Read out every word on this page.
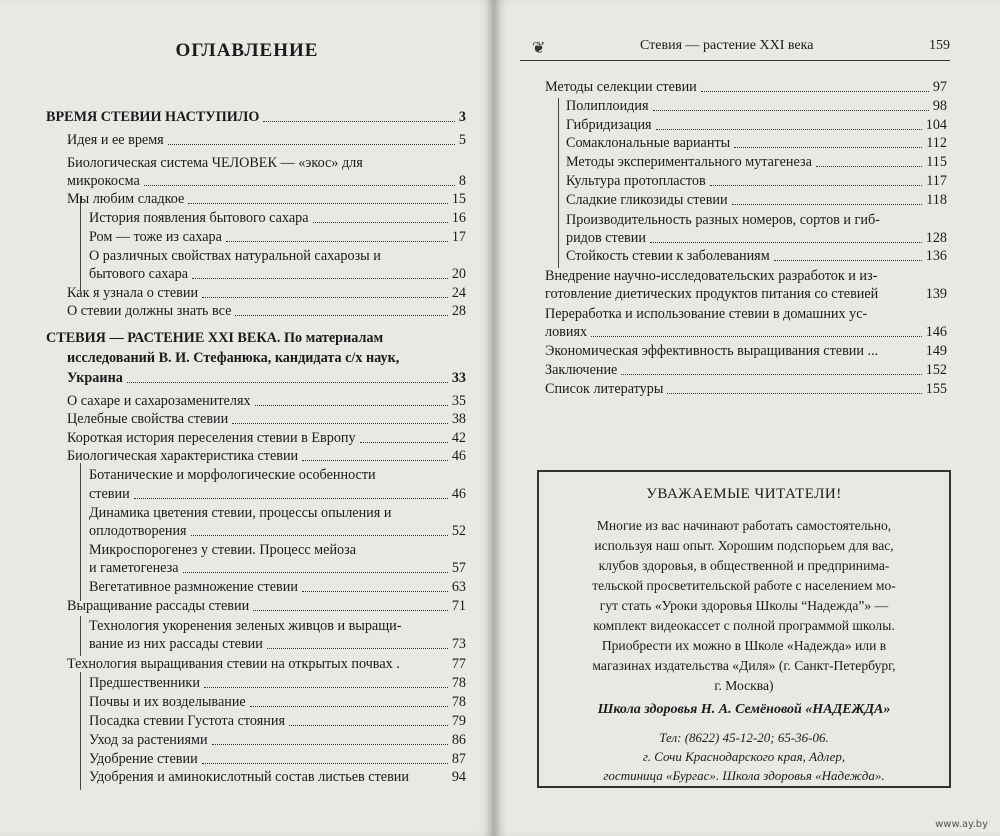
ОГЛАВЛЕНИЕ
ВРЕМЯ СТЕВИИ НАСТУПИЛО	3
Идея и ее время	5
Биологическая система ЧЕЛОВЕК — «экос» для
микрокосма	8
Мы любим сладкое	15
История появления бытового сахара	16
Ром — тоже из сахара	17
О различных свойствах натуральной сахарозы и
бытового сахара	20
Как я узнала о стевии	24
О стевии должны знать все	28
СТЕВИЯ — РАСТЕНИЕ XXI ВЕКА. По материалам
исследований В. И. Стефанюка, кандидата с/х наук,
Украина	33
О сахаре и сахарозаменителях	35
Целебные свойства стевии	38
Короткая история переселения стевии в Европу	42
Биологическая характеристика стевии	46
Ботанические и морфологические особенности
стевии	46
Динамика цветения стевии, процессы опыления и
оплодотворения	52
Микроспорогенез у стевии. Процесс мейоза
и гаметогенеза	57
Вегетативное размножение стевии	63
Выращивание рассады стевии	71
Технология укоренения зеленых живцов и выращи-
вание из них рассады стевии	73
Технология выращивания стевии на открытых почвах .	77
Предшественники	78
Почвы и их возделывание	78
Посадка стевии Густота стояния	79
Уход за растениями	86
Удобрение стевии	87
Удобрения и аминокислотный состав листьев стевии	94
❦	Стевия — растение XXI века	159
Методы селекции стевии	97
Полиплоидия	98
Гибридизация	104
Сомаклональные варианты	112
Методы экспериментального мутагенеза	115
Культура протопластов	117
Сладкие гликозиды стевии	118
Производительность разных номеров, сортов и гиб-
ридов стевии	128
Стойкость стевии к заболеваниям	136
Внедрение научно-исследовательских разработок и из-
готовление диетических продуктов питания со стевией	139
Переработка и использование стевии в домашних ус-
ловиях	146
Экономическая эффективность выращивания стевии ...	149
Заключение	152
Список литературы	155
УВАЖАЕМЫЕ ЧИТАТЕЛИ!
Многие из вас начинают работать самостоятельно,
используя наш опыт. Хорошим подспорьем для вас,
клубов здоровья, в общественной и предпринима-
тельской просветительской работе с населением мо-
гут стать «Уроки здоровья Школы “Надежда”» —
комплект видеокассет с полной программой школы.
Приобрести их можно в Школе «Надежда» или в
магазинах издательства «Диля» (г. Санкт-Петербург,
г. Москва)
Школа здоровья Н. А. Семёновой «НАДЕЖДА»
Тел: (8622) 45-12-20; 65-36-06.
г. Сочи Краснодарского края, Адлер,
гостиница «Бургас». Школа здоровья «Надежда».
www.ay.by
